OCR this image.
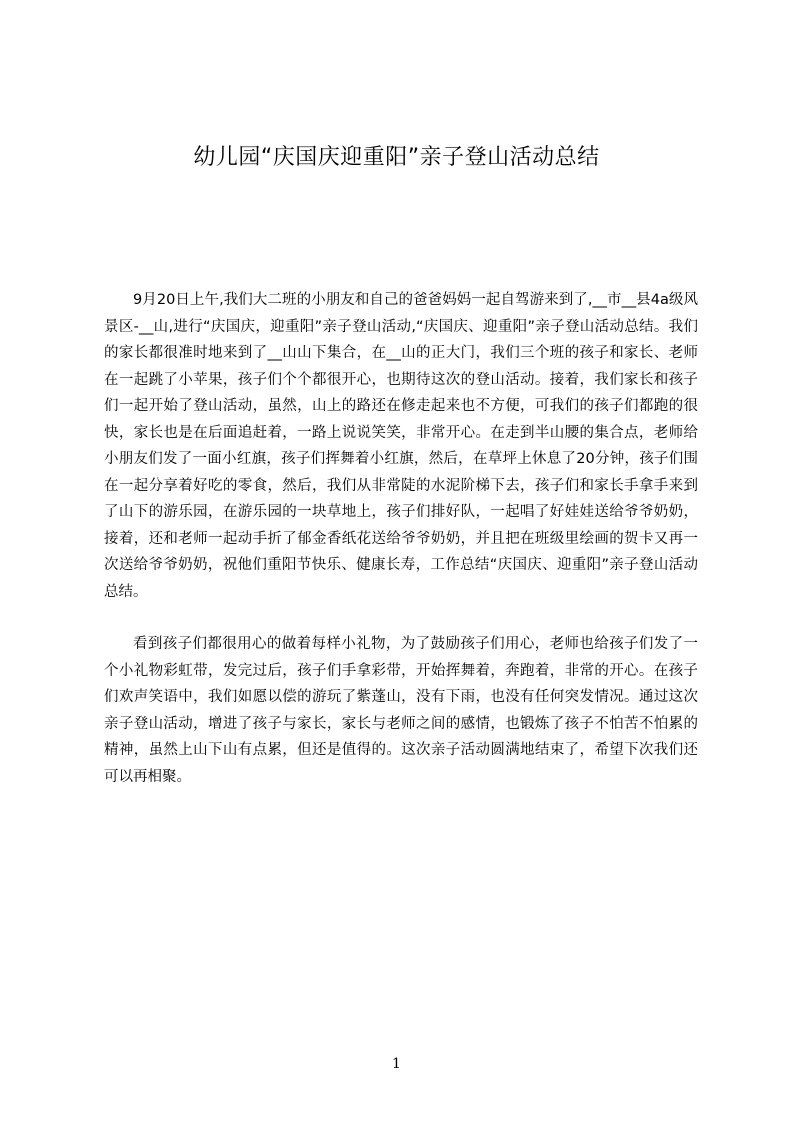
幼儿园“庆国庆迎重阳”亲子登山活动总结

9月20日上午,我们大二班的小朋友和自己的爸爸妈妈一起自驾游来到了,__市__县4a级风景区-__山,进行“庆国庆，迎重阳”亲子登山活动,“庆国庆、迎重阳”亲子登山活动总结。我们的家长都很准时地来到了__山山下集合，在__山的正大门，我们三个班的孩子和家长、老师在一起跳了小苹果，孩子们个个都很开心，也期待这次的登山活动。接着，我们家长和孩子们一起开始了登山活动，虽然，山上的路还在修走起来也不方便，可我们的孩子们都跑的很快，家长也是在后面追赶着，一路上说说笑笑，非常开心。在走到半山腰的集合点，老师给小朋友们发了一面小红旗，孩子们挥舞着小红旗，然后，在草坪上休息了20分钟，孩子们围在一起分享着好吃的零食，然后，我们从非常陡的水泥阶梯下去，孩子们和家长手拿手来到了山下的游乐园，在游乐园的一块草地上，孩子们排好队，一起唱了好娃娃送给爷爷奶奶，接着，还和老师一起动手折了郁金香纸花送给爷爷奶奶，并且把在班级里绘画的贺卡又再一次送给爷爷奶奶，祝他们重阳节快乐、健康长寿，工作总结“庆国庆、迎重阳”亲子登山活动总结。

看到孩子们都很用心的做着每样小礼物，为了鼓励孩子们用心，老师也给孩子们发了一个小礼物彩虹带，发完过后，孩子们手拿彩带，开始挥舞着，奔跑着，非常的开心。在孩子们欢声笑语中，我们如愿以偿的游玩了紫蓬山，没有下雨，也没有任何突发情况。通过这次亲子登山活动，增进了孩子与家长，家长与老师之间的感情，也锻炼了孩子不怕苦不怕累的精神，虽然上山下山有点累，但还是值得的。这次亲子活动圆满地结束了，希望下次我们还可以再相聚。

1
